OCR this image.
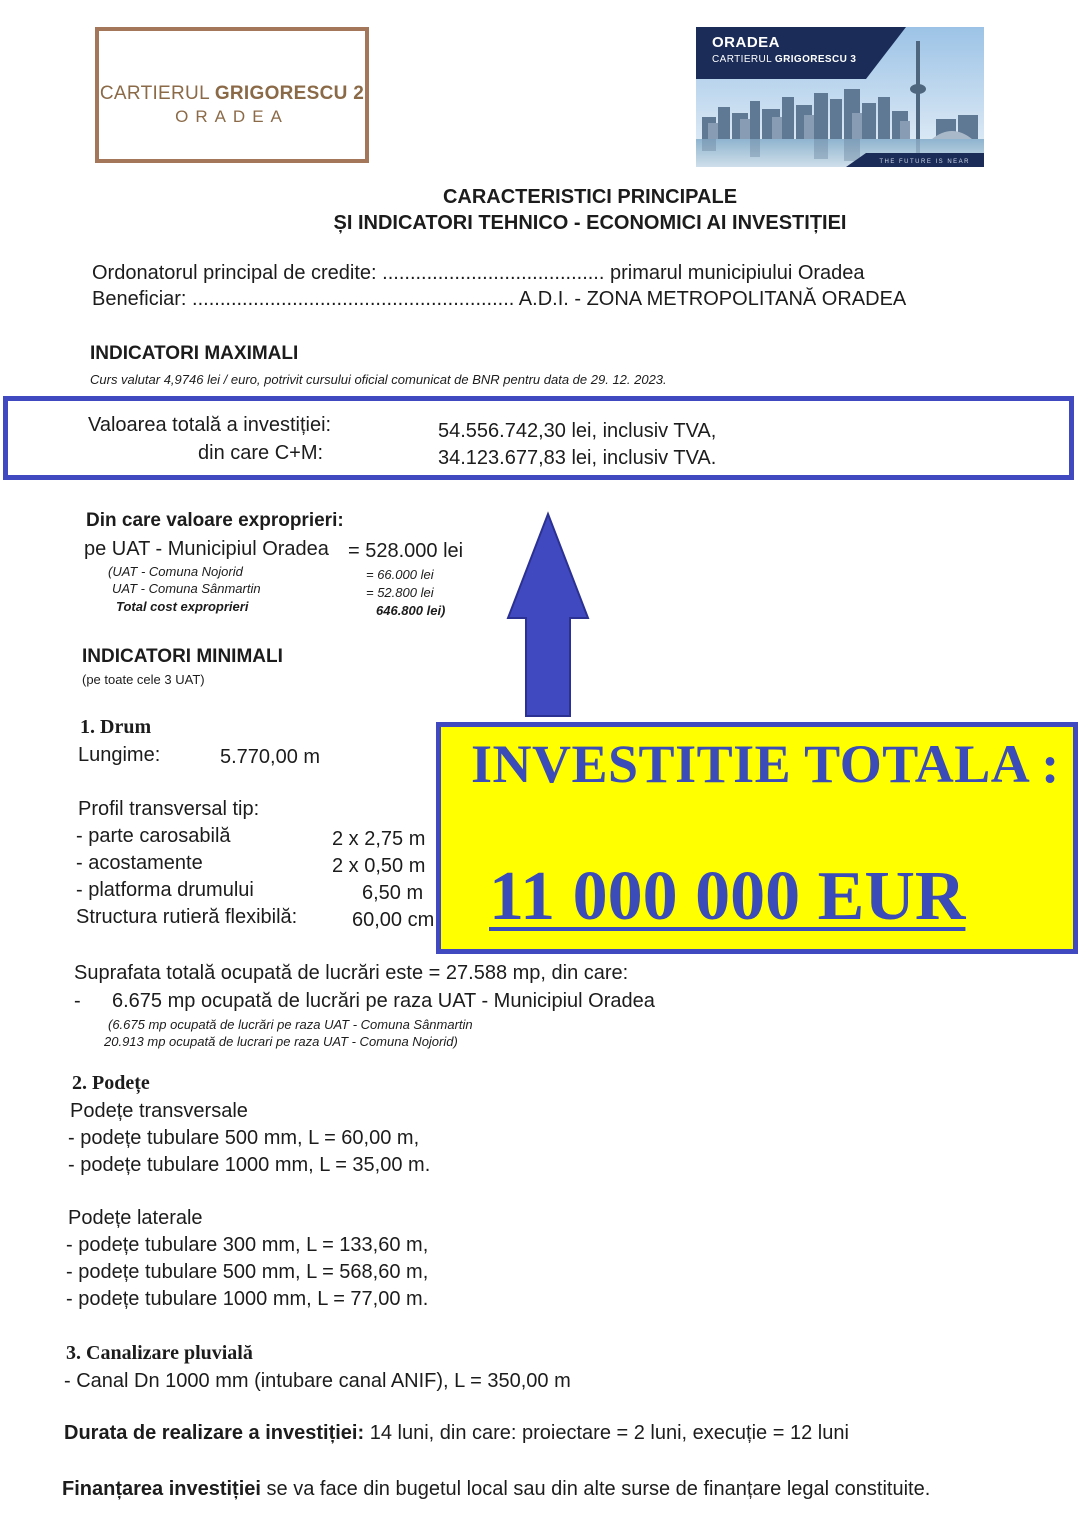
CARTIERUL GRIGORESCU 2
ORADEA
ORADEA
CARTIERUL GRIGORESCU 3
THE FUTURE IS NEAR
CARACTERISTICI PRINCIPALE
ȘI INDICATORI TEHNICO - ECONOMICI AI INVESTIȚIEI
Ordonatorul principal de credite: ........................................ primarul municipiului Oradea
Beneficiar: .......................................................... A.D.I. - ZONA METROPOLITANĂ ORADEA
INDICATORI MAXIMALI
Curs valutar 4,9746 lei / euro, potrivit cursului oficial comunicat de BNR pentru data de 29. 12. 2023.
Valoarea totală a investiției:	54.556.742,30 lei, inclusiv TVA,
din care C+M:	34.123.677,83 lei, inclusiv TVA.
Din care valoare exproprieri:
pe UAT - Municipiul Oradea = 528.000 lei
(UAT - Comuna Nojorid	= 66.000 lei
UAT - Comuna Sânmartin	= 52.800 lei
Total cost exproprieri	646.800 lei)
INDICATORI MINIMALI
(pe toate cele 3 UAT)
1. Drum
Lungime:	5.770,00 m
Profil transversal tip:
- parte carosabilă	2 x 2,75 m
- acostamente	2 x 0,50 m
- platforma drumului	6,50 m
Structura rutieră flexibilă:	60,00 cm
Suprafata totală ocupată de lucrări este = 27.588 mp, din care:
- 6.675 mp ocupată de lucrări pe raza UAT - Municipiul Oradea
(6.675 mp ocupată de lucrări pe raza UAT - Comuna Sânmartin
20.913 mp ocupată de lucrari pe raza UAT - Comuna Nojorid)
2. Podețe
Podețe transversale
- podețe tubulare 500 mm, L = 60,00 m,
- podețe tubulare 1000 mm, L = 35,00 m.
Podețe laterale
- podețe tubulare 300 mm, L = 133,60 m,
- podețe tubulare 500 mm, L = 568,60 m,
- podețe tubulare 1000 mm, L = 77,00 m.
3. Canalizare pluvială
- Canal Dn 1000 mm (intubare canal ANIF), L = 350,00 m
Durata de realizare a investiției: 14 luni, din care: proiectare = 2 luni, execuție = 12 luni
Finanțarea investiției se va face din bugetul local sau din alte surse de finanțare legal constituite.
INVESTITIE TOTALA :
11 000 000 EUR
